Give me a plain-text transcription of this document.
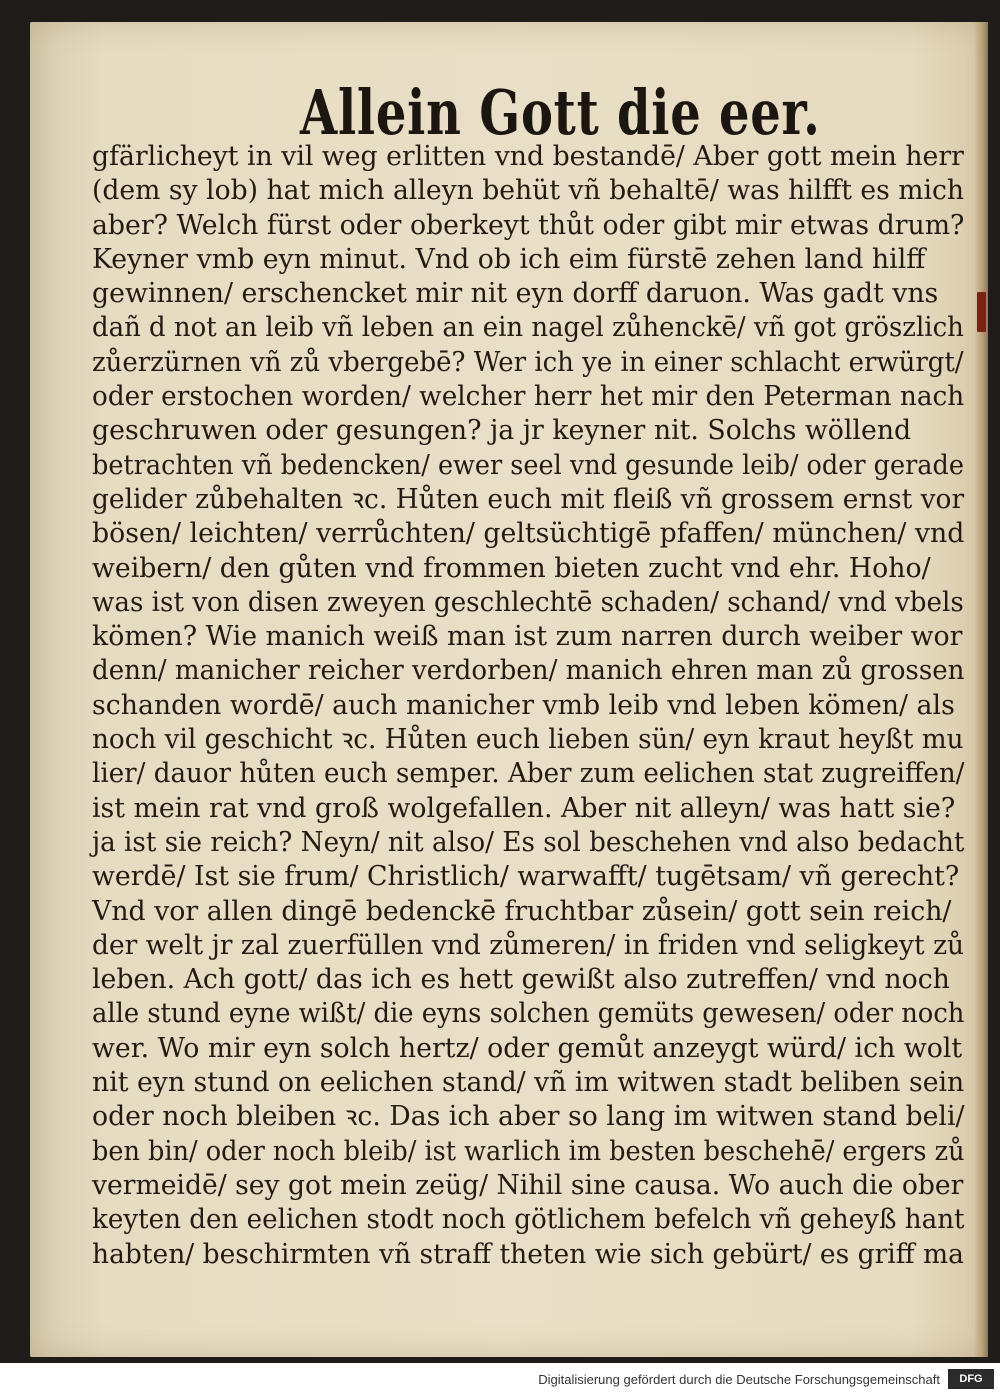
Allein Gott die eer.
gfärlicheyt in vil weg erlitten vnd bestandē/ Aber gott mein herr
(dem sy lob) hat mich alleyn behüt vñ behaltē/ was hilfft es mich
aber? Welch fürst oder oberkeyt thůt oder gibt mir etwas drum?
Keyner vmb eyn minut. Vnd ob ich eim fürstē zehen land hilff
gewinnen/ erschencket mir nit eyn dorff daruon. Was gadt vns
dañ d not an leib vñ leben an ein nagel zůhenckē/ vñ got gröszlich
zůerzürnen vñ zů vbergebē? Wer ich ye in einer schlacht erwürgt/
oder erstochen worden/ welcher herr het mir den Peterman nach
geschruwen oder gesungen? ja jr keyner nit. Solchs wöllend
betrachten vñ bedencken/ ewer seel vnd gesunde leib/ oder gerade
gelider zůbehalten ꝛc. Hůten euch mit fleiß vñ grossem ernst vor
bösen/ leichten/ verrůchten/ geltsüchtigē pfaffen/ münchen/ vnd
weibern/ den gůten vnd frommen bieten zucht vnd ehr. Hoho/
was ist von disen zweyen geschlechtē schaden/ schand/ vnd vbels
kömen? Wie manich weiß man ist zum narren durch weiber wor
denn/ manicher reicher verdorben/ manich ehren man zů grossen
schanden wordē/ auch manicher vmb leib vnd leben kömen/ als
noch vil geschicht ꝛc. Hůten euch lieben sün/ eyn kraut heyßt mu
lier/ dauor hůten euch semper. Aber zum eelichen stat zugreiffen/
ist mein rat vnd groß wolgefallen. Aber nit alleyn/ was hatt sie?
ja ist sie reich? Neyn/ nit also/ Es sol beschehen vnd also bedacht
werdē/ Ist sie frum/ Christlich/ warwafft/ tugētsam/ vñ gerecht?
Vnd vor allen dingē bedenckē fruchtbar zůsein/ gott sein reich/
der welt jr zal zuerfüllen vnd zůmeren/ in friden vnd seligkeyt zů
leben. Ach gott/ das ich es hett gewißt also zutreffen/ vnd noch
alle stund eyne wißt/ die eyns solchen gemüts gewesen/ oder noch
wer. Wo mir eyn solch hertz/ oder gemůt anzeygt würd/ ich wolt
nit eyn stund on eelichen stand/ vñ im witwen stadt beliben sein
oder noch bleiben ꝛc. Das ich aber so lang im witwen stand beli/
ben bin/ oder noch bleib/ ist warlich im besten beschehē/ ergers zů
vermeidē/ sey got mein zeüg/ Nihil sine causa. Wo auch die ober
keyten den eelichen stodt noch götlichem befelch vñ geheyß hant
habten/ beschirmten vñ straff theten wie sich gebürt/ es griff ma
Digitalisierung gefördert durch die Deutsche Forschungsgemeinschaft	DFG
